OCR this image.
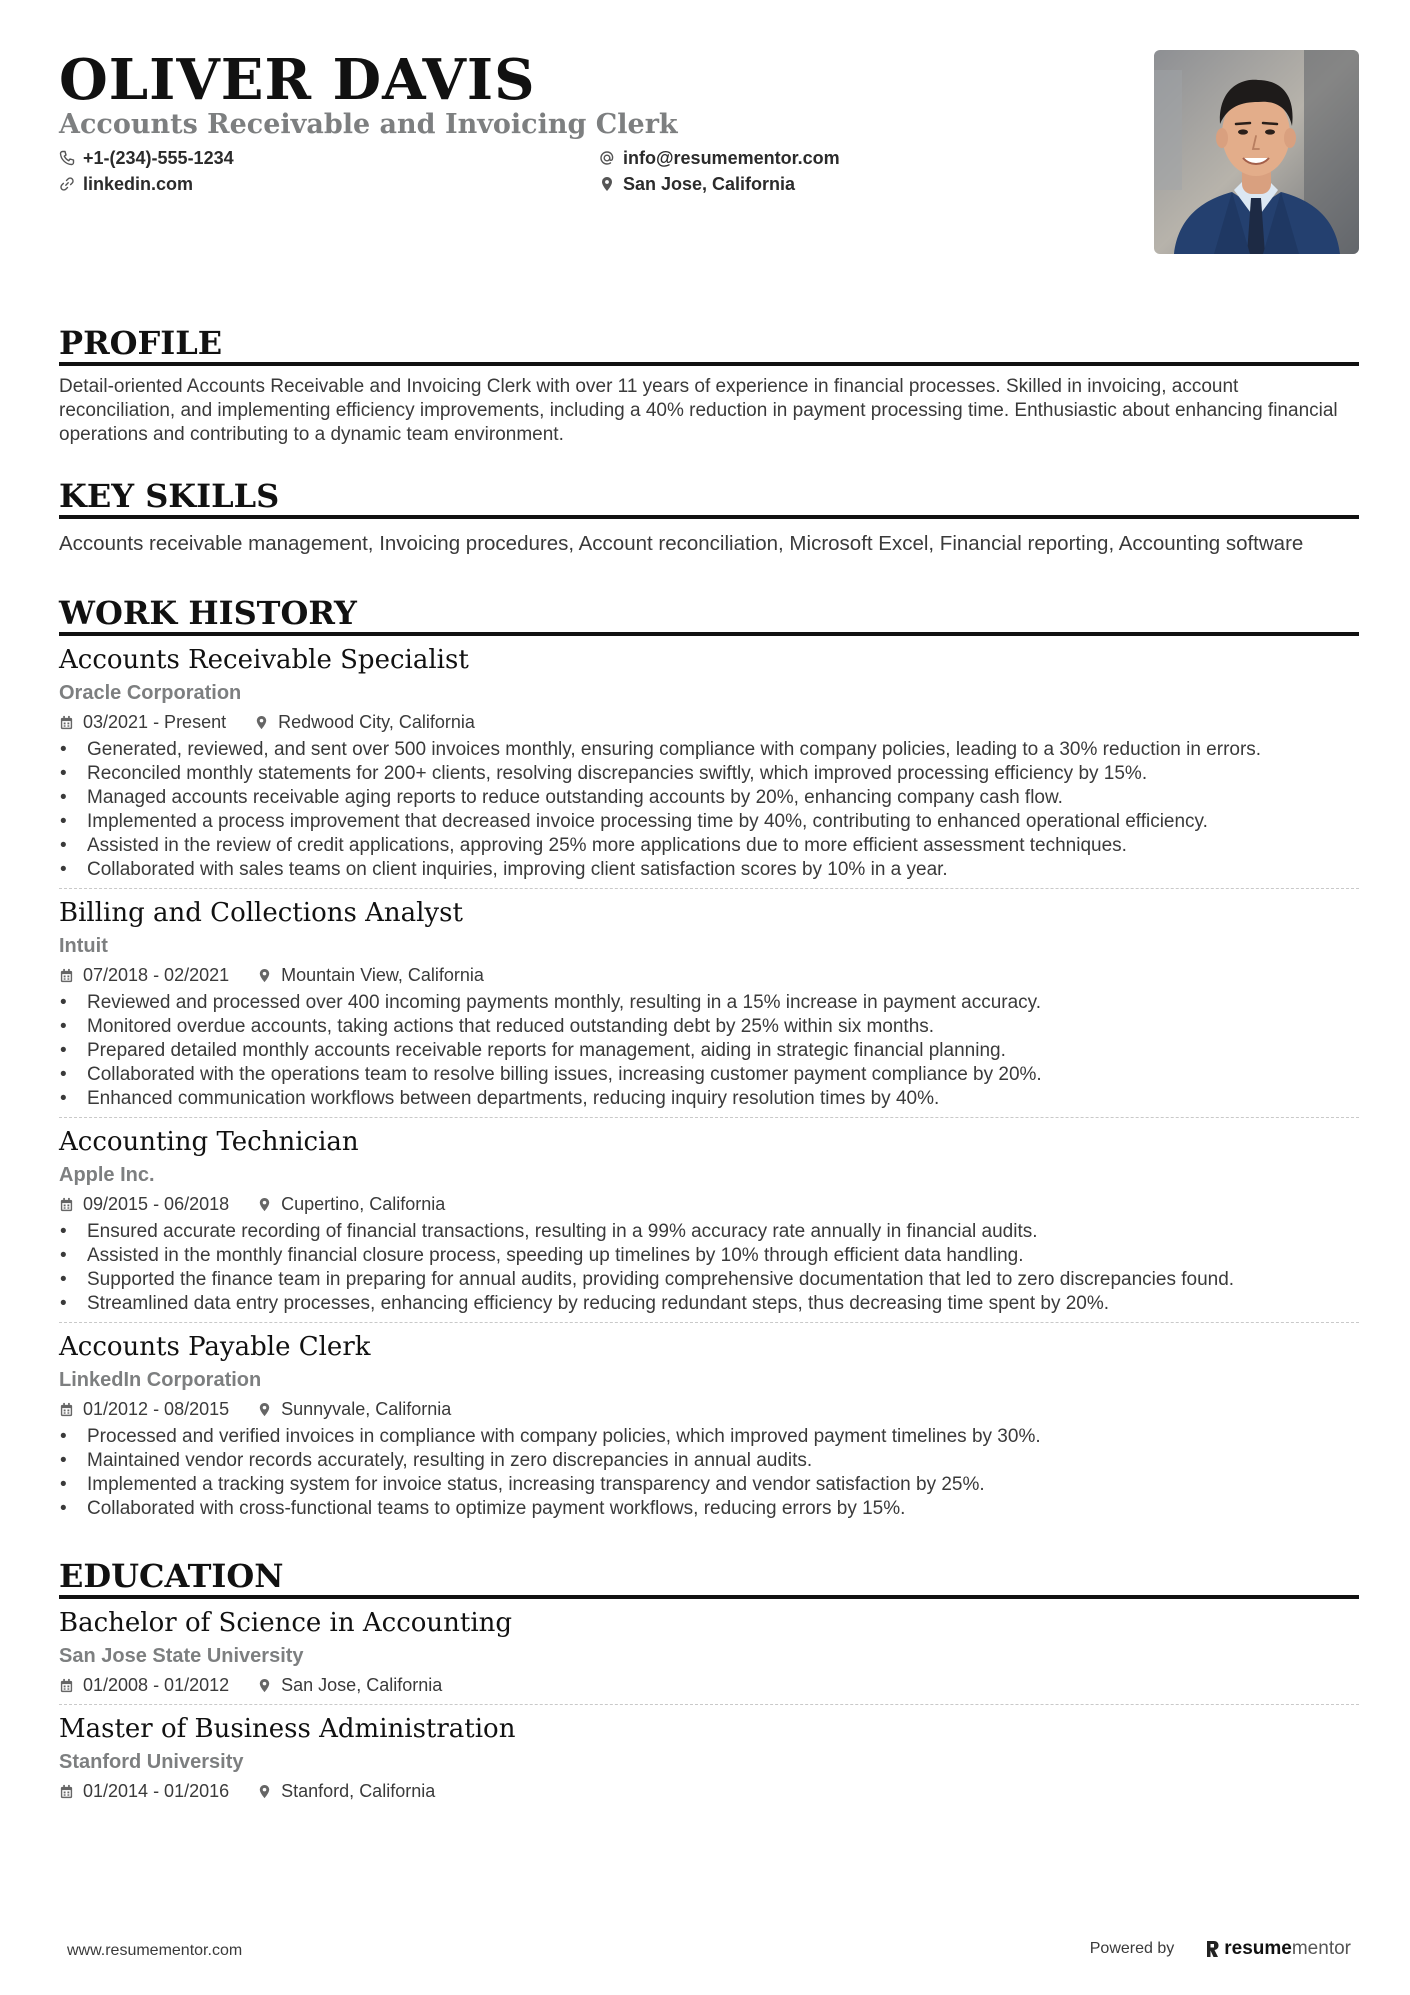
OLIVER DAVIS
Accounts Receivable and Invoicing Clerk
+1-(234)-555-1234	info@resumementor.com
linkedin.com	San Jose, California
PROFILE

Detail-oriented Accounts Receivable and Invoicing Clerk with over 11 years of experience in financial processes. Skilled in invoicing, account reconciliation, and implementing efficiency improvements, including a 40% reduction in payment processing time. Enthusiastic about enhancing financial operations and contributing to a dynamic team environment.

KEY SKILLS

Accounts receivable management, Invoicing procedures, Account reconciliation, Microsoft Excel, Financial reporting, Accounting software

WORK HISTORY
Accounts Receivable Specialist
Oracle Corporation
03/2021 - Present	Redwood City, California
• Generated, reviewed, and sent over 500 invoices monthly, ensuring compliance with company policies, leading to a 30% reduction in errors.
• Reconciled monthly statements for 200+ clients, resolving discrepancies swiftly, which improved processing efficiency by 15%.
• Managed accounts receivable aging reports to reduce outstanding accounts by 20%, enhancing company cash flow.
• Implemented a process improvement that decreased invoice processing time by 40%, contributing to enhanced operational efficiency.
• Assisted in the review of credit applications, approving 25% more applications due to more efficient assessment techniques.
• Collaborated with sales teams on client inquiries, improving client satisfaction scores by 10% in a year.
Billing and Collections Analyst
Intuit
07/2018 - 02/2021	Mountain View, California
• Reviewed and processed over 400 incoming payments monthly, resulting in a 15% increase in payment accuracy.
• Monitored overdue accounts, taking actions that reduced outstanding debt by 25% within six months.
• Prepared detailed monthly accounts receivable reports for management, aiding in strategic financial planning.
• Collaborated with the operations team to resolve billing issues, increasing customer payment compliance by 20%.
• Enhanced communication workflows between departments, reducing inquiry resolution times by 40%.
Accounting Technician
Apple Inc.
09/2015 - 06/2018	Cupertino, California
• Ensured accurate recording of financial transactions, resulting in a 99% accuracy rate annually in financial audits.
• Assisted in the monthly financial closure process, speeding up timelines by 10% through efficient data handling.
• Supported the finance team in preparing for annual audits, providing comprehensive documentation that led to zero discrepancies found.
• Streamlined data entry processes, enhancing efficiency by reducing redundant steps, thus decreasing time spent by 20%.
Accounts Payable Clerk
LinkedIn Corporation
01/2012 - 08/2015	Sunnyvale, California
• Processed and verified invoices in compliance with company policies, which improved payment timelines by 30%.
• Maintained vendor records accurately, resulting in zero discrepancies in annual audits.
• Implemented a tracking system for invoice status, increasing transparency and vendor satisfaction by 25%.
• Collaborated with cross-functional teams to optimize payment workflows, reducing errors by 15%.
EDUCATION
Bachelor of Science in Accounting
San Jose State University
01/2008 - 01/2012	San Jose, California
Master of Business Administration
Stanford University
01/2014 - 01/2016	Stanford, California
www.resumementor.com	Powered by	resume mentor
